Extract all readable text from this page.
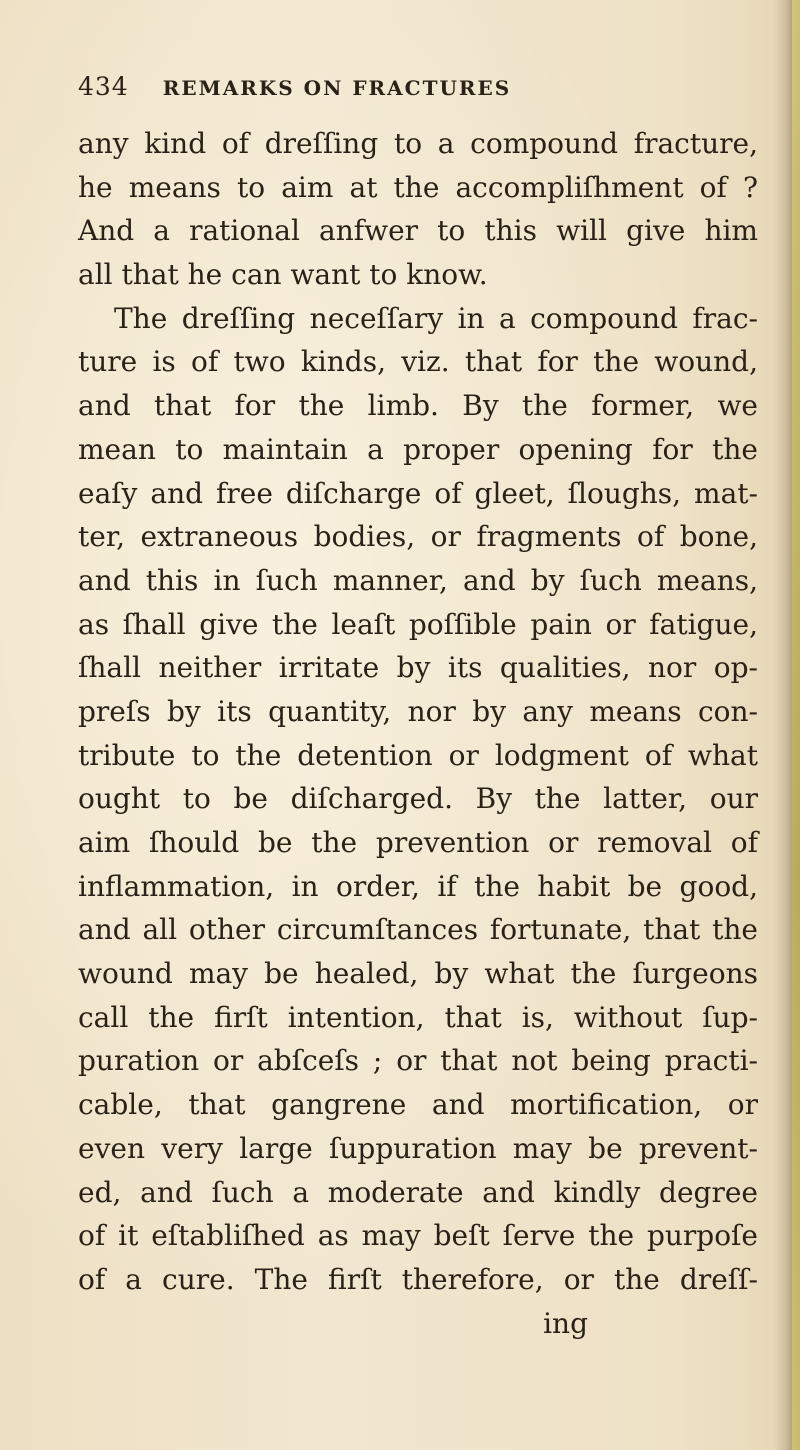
434 REMARKS ON FRACTURES
any kind of dreſſing to a compound fracture,
he means to aim at the accompliſhment of ?
And a rational anfwer to this will give him
all that he can want to know.
The dreſſing neceſſary in a compound frac-
ture is of two kinds, viz. that for the wound,
and that for the limb. By the former, we
mean to maintain a proper opening for the
eaſy and free diſcharge of gleet, ſloughs, mat-
ter, extraneous bodies, or fragments of bone,
and this in ſuch manner, and by ſuch means,
as ſhall give the leaſt poſſible pain or fatigue,
ſhall neither irritate by its qualities, nor op-
preſs by its quantity, nor by any means con-
tribute to the detention or lodgment of what
ought to be diſcharged. By the latter, our
aim ſhould be the prevention or removal of
inflammation, in order, if the habit be good,
and all other circumſtances fortunate, that the
wound may be healed, by what the ſurgeons
call the firſt intention, that is, without ſup-
puration or abſceſs ; or that not being practi-
cable, that gangrene and mortification, or
even very large ſuppuration may be prevent-
ed, and ſuch a moderate and kindly degree
of it eſtabliſhed as may beſt ſerve the purpoſe
of a cure. The firſt therefore, or the dreſſ-
ing
